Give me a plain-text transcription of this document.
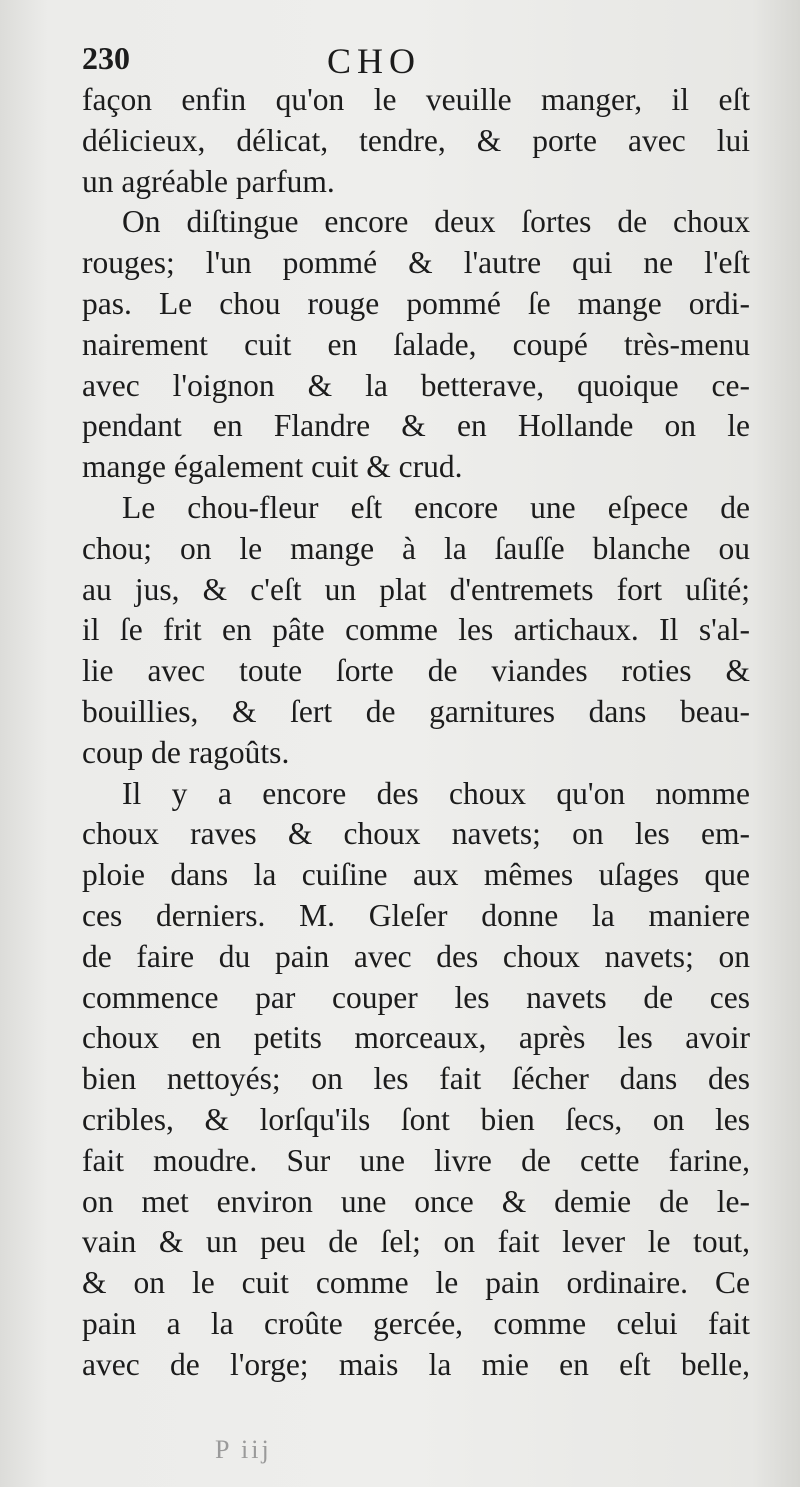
230	CHO

façon enfin qu'on le veuille manger, il eſt
délicieux, délicat, tendre, & porte avec lui
un agréable parfum.

On diſtingue encore deux ſortes de choux
rouges; l'un pommé & l'autre qui ne l'eſt
pas. Le chou rouge pommé ſe mange ordi-
nairement cuit en ſalade, coupé très-menu
avec l'oignon & la betterave, quoique ce-
pendant en Flandre & en Hollande on le
mange également cuit & crud.

Le chou-fleur eſt encore une eſpece de
chou; on le mange à la ſauſſe blanche ou
au jus, & c'eſt un plat d'entremets fort uſité;
il ſe frit en pâte comme les artichaux. Il s'al-
lie avec toute ſorte de viandes roties &
bouillies, & ſert de garnitures dans beau-
coup de ragoûts.

Il y a encore des choux qu'on nomme
choux raves & choux navets; on les em-
ploie dans la cuiſine aux mêmes uſages que
ces derniers. M. Gleſer donne la maniere
de faire du pain avec des choux navets; on
commence par couper les navets de ces
choux en petits morceaux, après les avoir
bien nettoyés; on les fait ſécher dans des
cribles, & lorſqu'ils ſont bien ſecs, on les
fait moudre. Sur une livre de cette farine,
on met environ une once & demie de le-
vain & un peu de ſel; on fait lever le tout,
& on le cuit comme le pain ordinaire. Ce
pain a la croûte gercée, comme celui fait
avec de l'orge; mais la mie en eſt belle,

P iij
